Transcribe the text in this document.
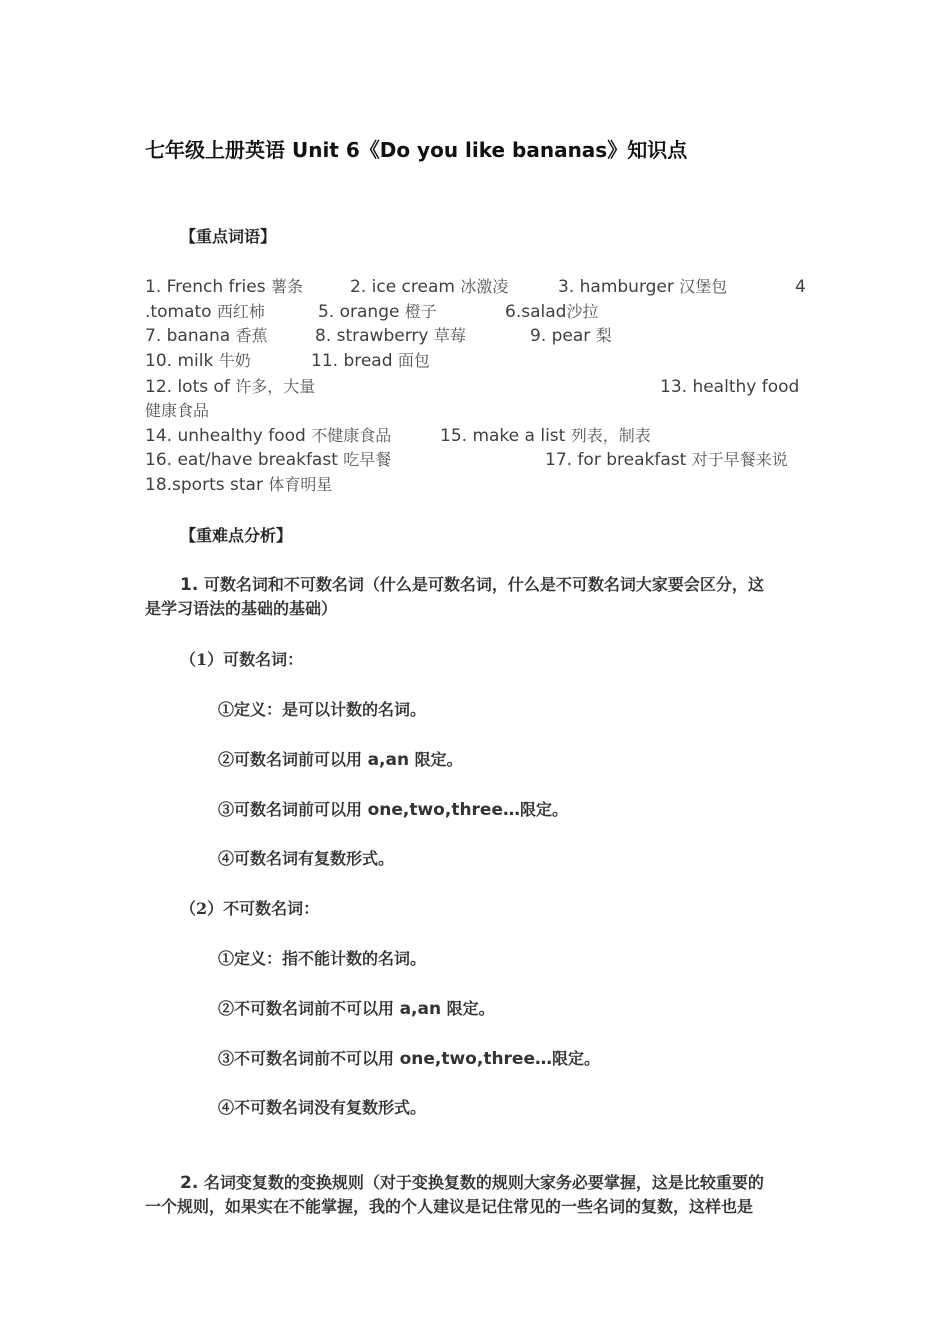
七年级上册英语 Unit 6《Do you like bananas》知识点
【重点词语】
1. French fries 薯条	2. ice cream 冰激凌	3. hamburger 汉堡包	4
.tomato 西红柿	5. orange 橙子	6.salad沙拉
7. banana 香蕉	8. strawberry 草莓	9. pear 梨
10. milk 牛奶	11. bread 面包
12. lots of 许多，大量	13. healthy food
健康食品
14. unhealthy food 不健康食品	15. make a list 列表，制表
16. eat/have breakfast 吃早餐	17. for breakfast 对于早餐来说
18.sports star 体育明星
【重难点分析】
1. 可数名词和不可数名词（什么是可数名词，什么是不可数名词大家要会区分，这
是学习语法的基础的基础）
（1）可数名词：
①定义：是可以计数的名词。
②可数名词前可以用 a,an 限定。
③可数名词前可以用 one,two,three…限定。
④可数名词有复数形式。
（2）不可数名词：
①定义：指不能计数的名词。
②不可数名词前不可以用 a,an 限定。
③不可数名词前不可以用 one,two,three…限定。
④不可数名词没有复数形式。
2. 名词变复数的变换规则（对于变换复数的规则大家务必要掌握，这是比较重要的
一个规则，如果实在不能掌握，我的个人建议是记住常见的一些名词的复数，这样也是
